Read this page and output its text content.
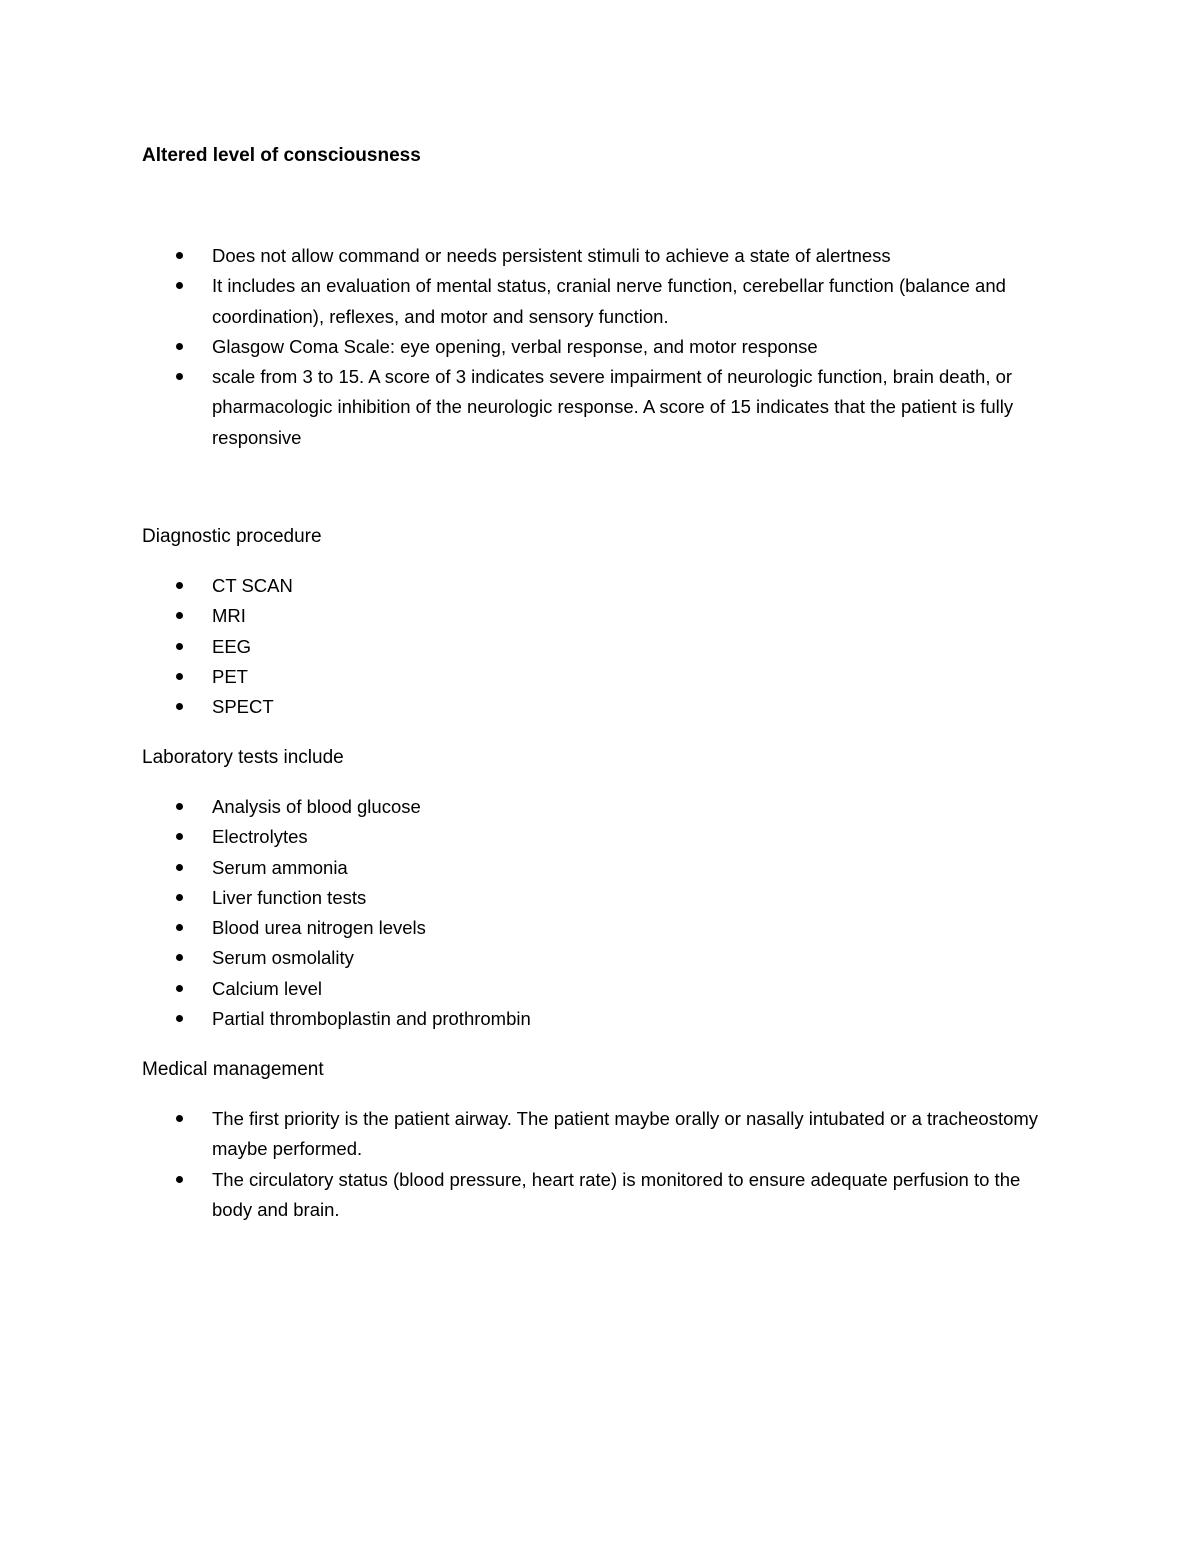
Altered level of consciousness
Does not allow command or needs persistent stimuli to achieve a state of alertness
It includes an evaluation of mental status, cranial nerve function, cerebellar function (balance and coordination), reflexes, and motor and sensory function.
Glasgow Coma Scale: eye opening, verbal response, and motor response
scale from 3 to 15. A score of 3 indicates severe impairment of neurologic function, brain death, or pharmacologic inhibition of the neurologic response. A score of 15 indicates that the patient is fully responsive
Diagnostic procedure
CT SCAN
MRI
EEG
PET
SPECT
Laboratory tests include
Analysis of blood glucose
Electrolytes
Serum ammonia
Liver function tests
Blood urea nitrogen levels
Serum osmolality
Calcium level
Partial thromboplastin and prothrombin
Medical management
The first priority is the patient airway. The patient maybe orally or nasally intubated or a tracheostomy maybe performed.
The circulatory status (blood pressure, heart rate) is monitored to ensure adequate perfusion to the body and brain.
